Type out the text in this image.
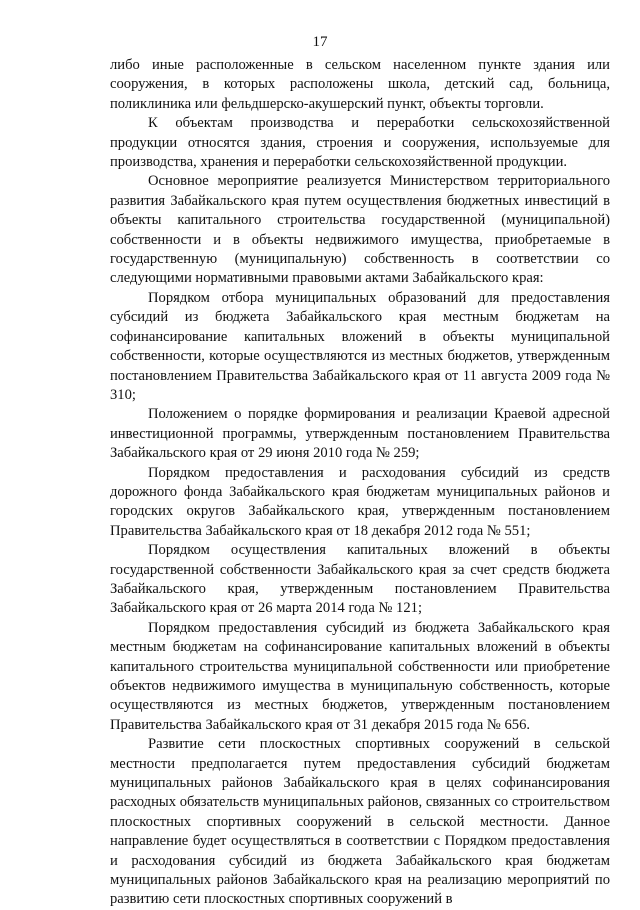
17

либо иные расположенные в сельском населенном пункте здания или сооружения, в которых расположены школа, детский сад, больница, поликлиника или фельдшерско-акушерский пункт, объекты торговли.

К объектам производства и переработки сельскохозяйственной продукции относятся здания, строения и сооружения, используемые для производства, хранения и переработки сельскохозяйственной продукции.

Основное мероприятие реализуется Министерством территориального развития Забайкальского края путем осуществления бюджетных инвестиций в объекты капитального строительства государственной (муниципальной) собственности и в объекты недвижимого имущества, приобретаемые в государственную (муниципальную) собственность в соответствии со следующими нормативными правовыми актами Забайкальского края:

Порядком отбора муниципальных образований для предоставления субсидий из бюджета Забайкальского края местным бюджетам на софинансирование капитальных вложений в объекты муниципальной собственности, которые осуществляются из местных бюджетов, утвержденным постановлением Правительства Забайкальского края от 11 августа 2009 года № 310;

Положением о порядке формирования и реализации Краевой адресной инвестиционной программы, утвержденным постановлением Правительства Забайкальского края от 29 июня 2010 года № 259;

Порядком предоставления и расходования субсидий из средств дорожного фонда Забайкальского края бюджетам муниципальных районов и городских округов Забайкальского края, утвержденным постановлением Правительства Забайкальского края от 18 декабря 2012 года № 551;

Порядком осуществления капитальных вложений в объекты государственной собственности Забайкальского края за счет средств бюджета Забайкальского края, утвержденным постановлением Правительства Забайкальского края от 26 марта 2014 года № 121;

Порядком предоставления субсидий из бюджета Забайкальского края местным бюджетам на софинансирование капитальных вложений в объекты капитального строительства муниципальной собственности или приобретение объектов недвижимого имущества в муниципальную собственность, которые осуществляются из местных бюджетов, утвержденным постановлением Правительства Забайкальского края от 31 декабря 2015 года № 656.

Развитие сети плоскостных спортивных сооружений в сельской местности предполагается путем предоставления субсидий бюджетам муниципальных районов Забайкальского края в целях софинансирования расходных обязательств муниципальных районов, связанных со строительством плоскостных спортивных сооружений в сельской местности. Данное направление будет осуществляться в соответствии с Порядком предоставления и расходования субсидий из бюджета Забайкальского края бюджетам муниципальных районов Забайкальского края на реализацию мероприятий по развитию сети плоскостных спортивных сооружений в
